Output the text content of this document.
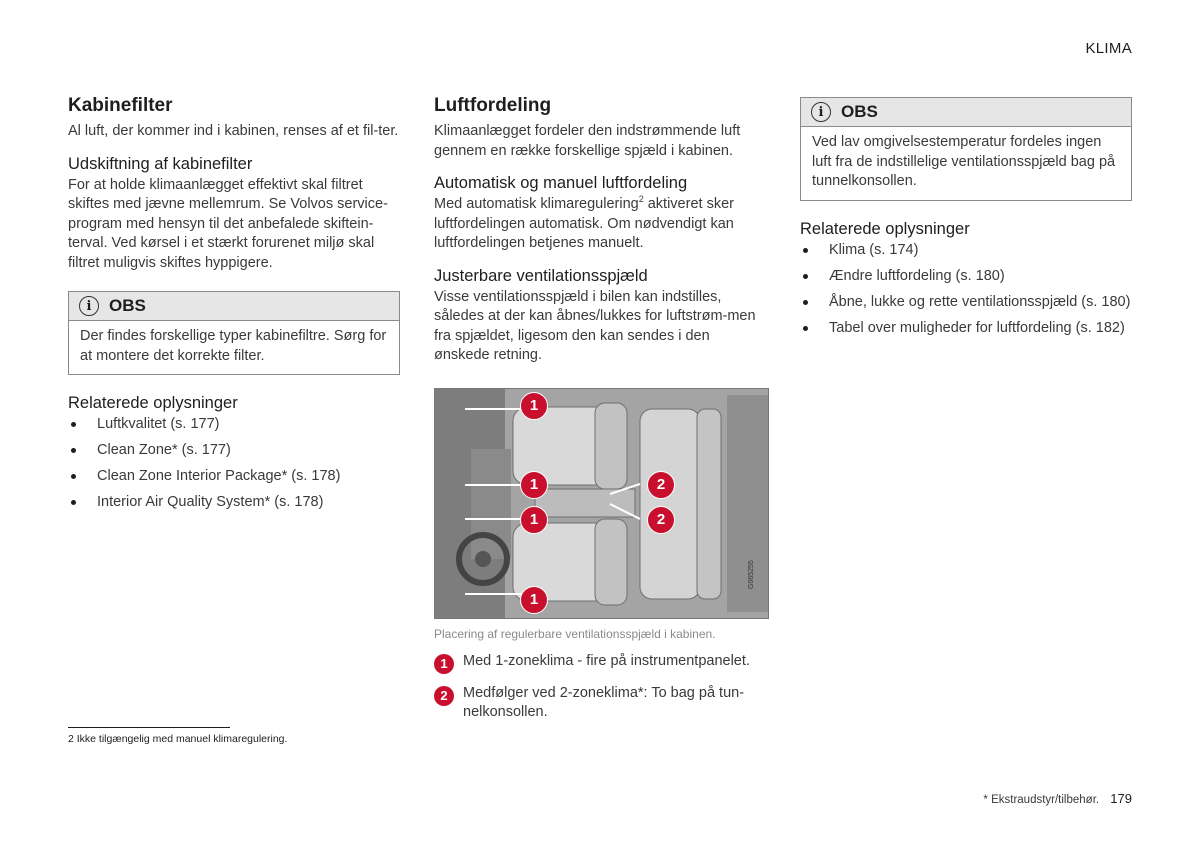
KLIMA
Kabinefilter

Al luft, der kommer ind i kabinen, renses af et fil-ter.

Udskiftning af kabinefilter

For at holde klimaanlægget effektivt skal filtret skiftes med jævne mellemrum. Se Volvos service-program med hensyn til det anbefalede skiftein-terval. Ved kørsel i et stærkt forurenet miljø skal filtret muligvis skiftes hyppigere.

i	OBS
Der findes forskellige typer kabinefiltre. Sørg for at montere det korrekte filter.
Relaterede oplysninger
Luftkvalitet (s. 177)
Clean Zone* (s. 177)
Clean Zone Interior Package* (s. 178)
Interior Air Quality System* (s. 178)
Luftfordeling

Klimaanlægget fordeler den indstrømmende luft gennem en række forskellige spjæld i kabinen.

Automatisk og manuel luftfordeling

Med automatisk klimaregulering$^2$ aktiveret sker luftfordelingen automatisk. Om nødvendigt kan luftfordelingen betjenes manuelt.

Justerbare ventilationsspjæld

Visse ventilationsspjæld i bilen kan indstilles, således at der kan åbnes/lukkes for luftstrøm-men fra spjældet, ligesom den kan sendes i den ønskede retning.

G065255
1
1	2
1	2
1
Placering af regulerbare ventilationsspjæld i kabinen.
1	Med 1-zoneklima - fire på instrumentpanelet.
2	Medfølger ved 2-zoneklima*: To bag på tun-nelkonsollen.
i	OBS
Ved lav omgivelsestemperatur fordeles ingen luft fra de indstillelige ventilationsspjæld bag på tunnelkonsollen.
Relaterede oplysninger
Klima (s. 174)
Ændre luftfordeling (s. 180)
Åbne, lukke og rette ventilationsspjæld (s. 180)
Tabel over muligheder for luftfordeling (s. 182)
2 Ikke tilgængelig med manuel klimaregulering.
* Ekstraudstyr/tilbehør. 179
